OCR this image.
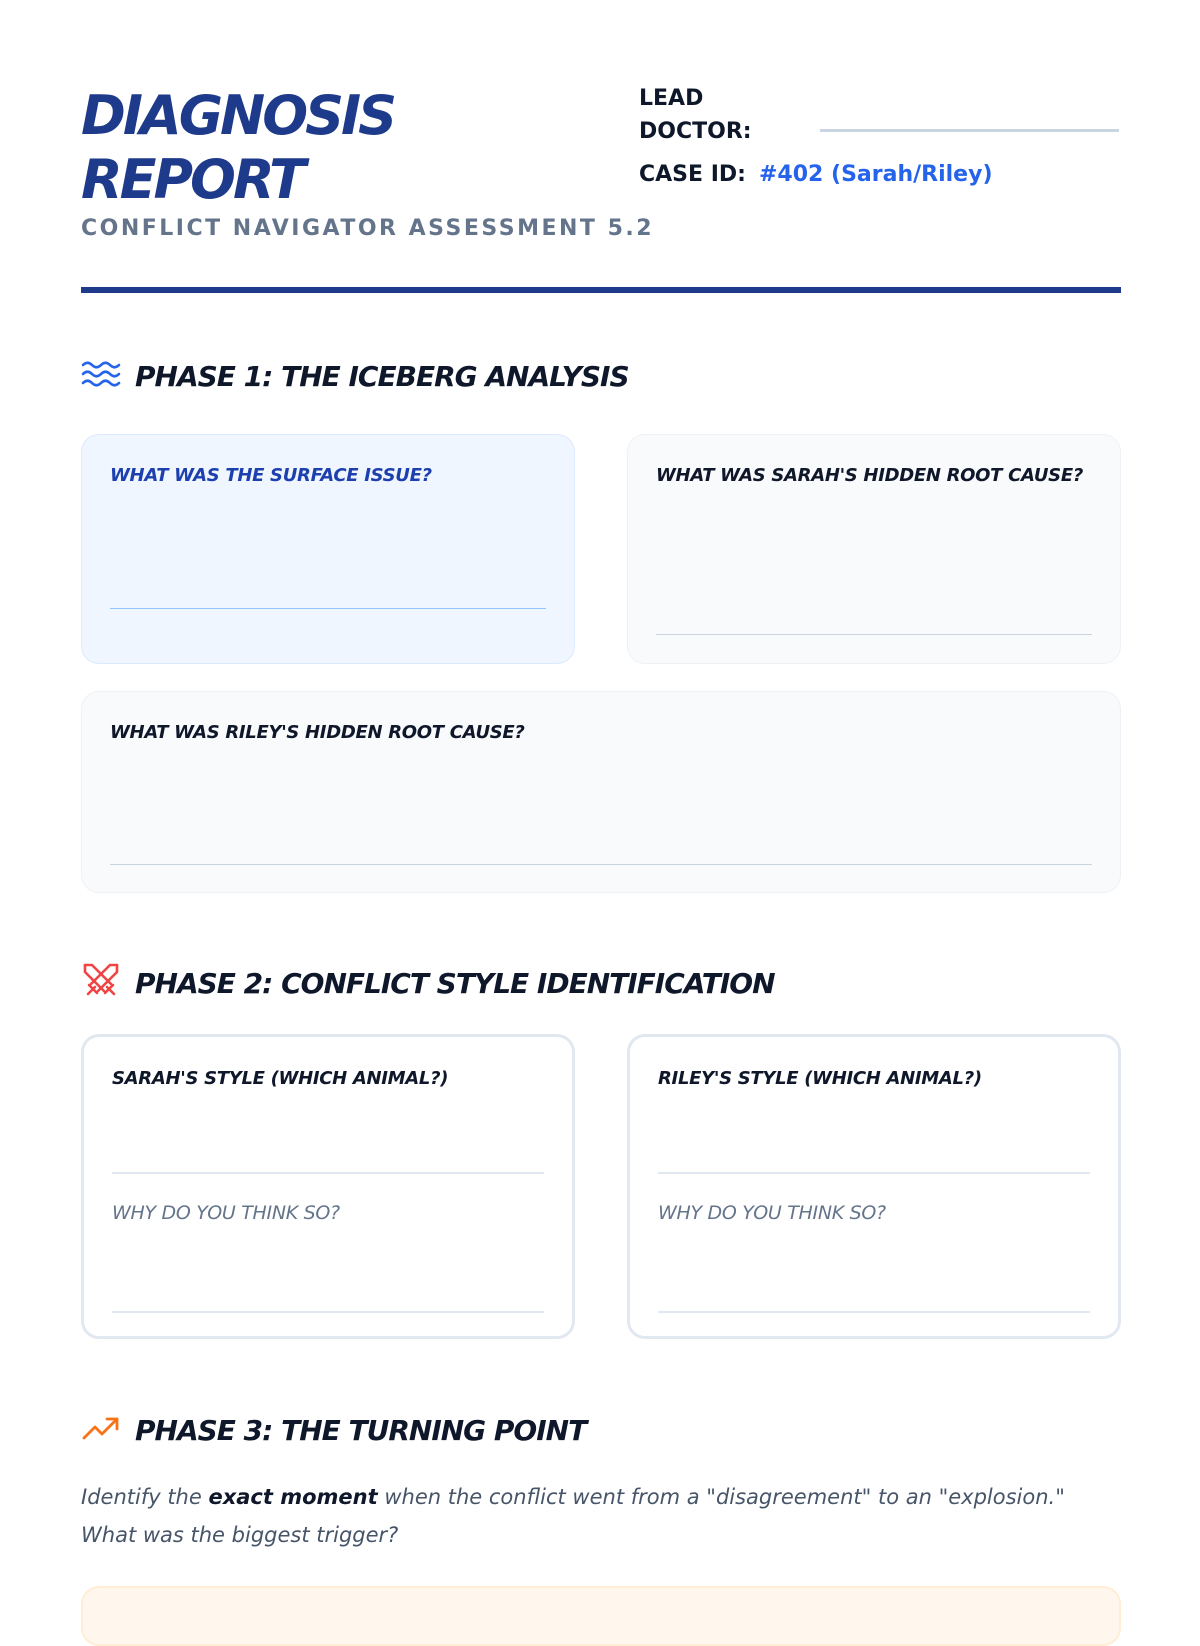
DIAGNOSIS
REPORT
CONFLICT NAVIGATOR ASSESSMENT 5.2

LEAD
DOCTOR:

CASE ID: #402 (Sarah/Riley)
PHASE 1: THE ICEBERG ANALYSIS

WHAT WAS THE SURFACE ISSUE?	WHAT WAS SARAH'S HIDDEN ROOT CAUSE?

WHAT WAS RILEY'S HIDDEN ROOT CAUSE?

PHASE 2: CONFLICT STYLE IDENTIFICATION

SARAH'S STYLE (WHICH ANIMAL?)

WHY DO YOU THINK SO?

RILEY'S STYLE (WHICH ANIMAL?)

WHY DO YOU THINK SO?

PHASE 3: THE TURNING POINT

Identify the exact moment when the conflict went from a "disagreement" to an "explosion." What was the biggest trigger?
